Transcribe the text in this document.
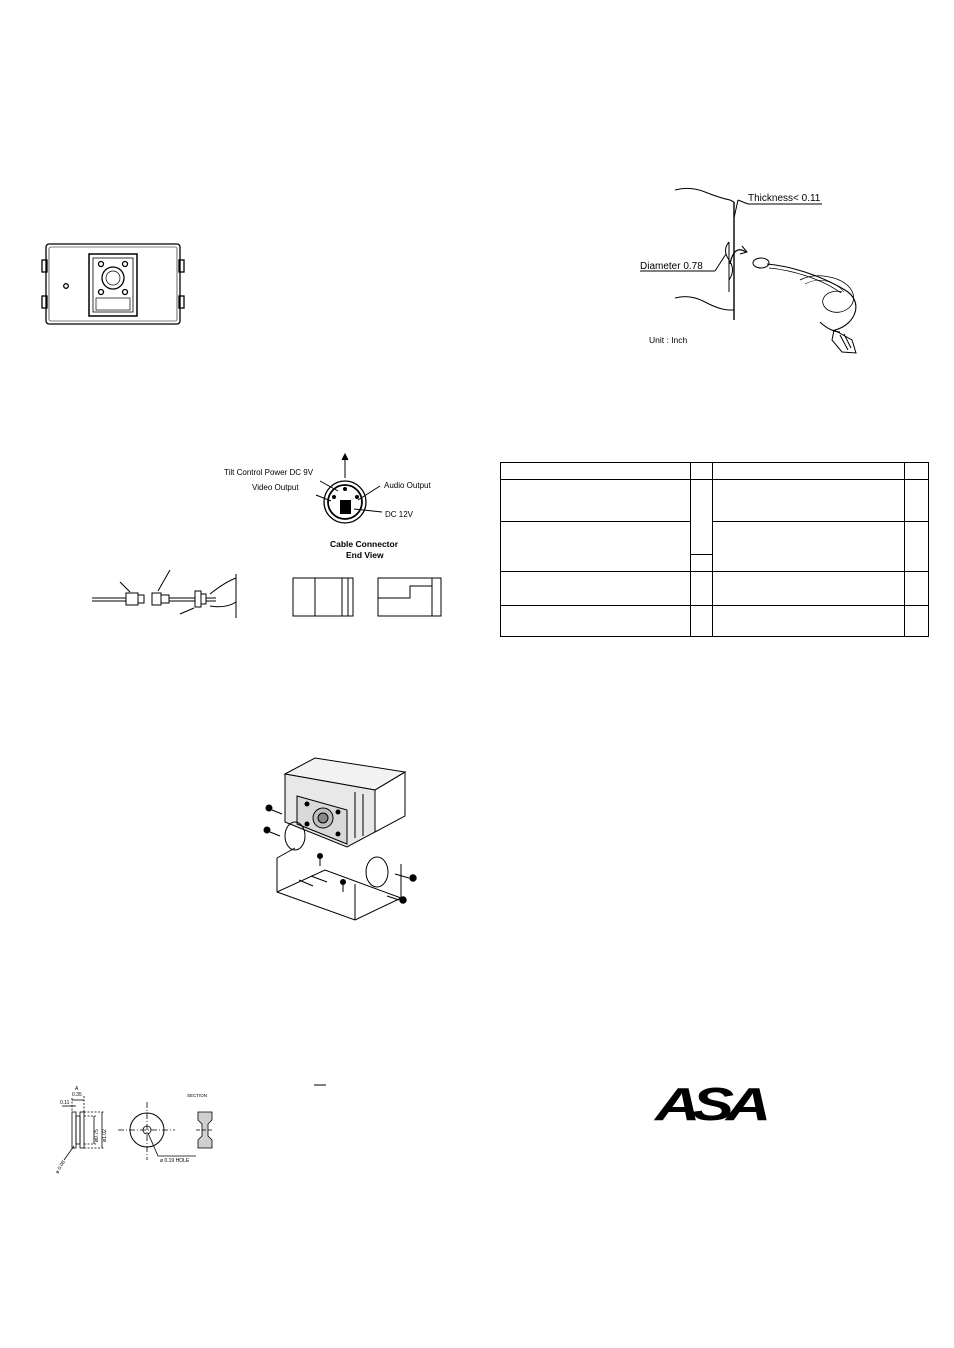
Thickness< 0.11
Diameter 0.78
Unit : Inch
Tilt Control Power DC 9V
Video Output	Audio Output
DC 12V
Cable Connector
End View

A
0.35
0.11
ø0.75 ø1.02
ø 0.08	ø 0.19 HOLE
SECTION	ASA
